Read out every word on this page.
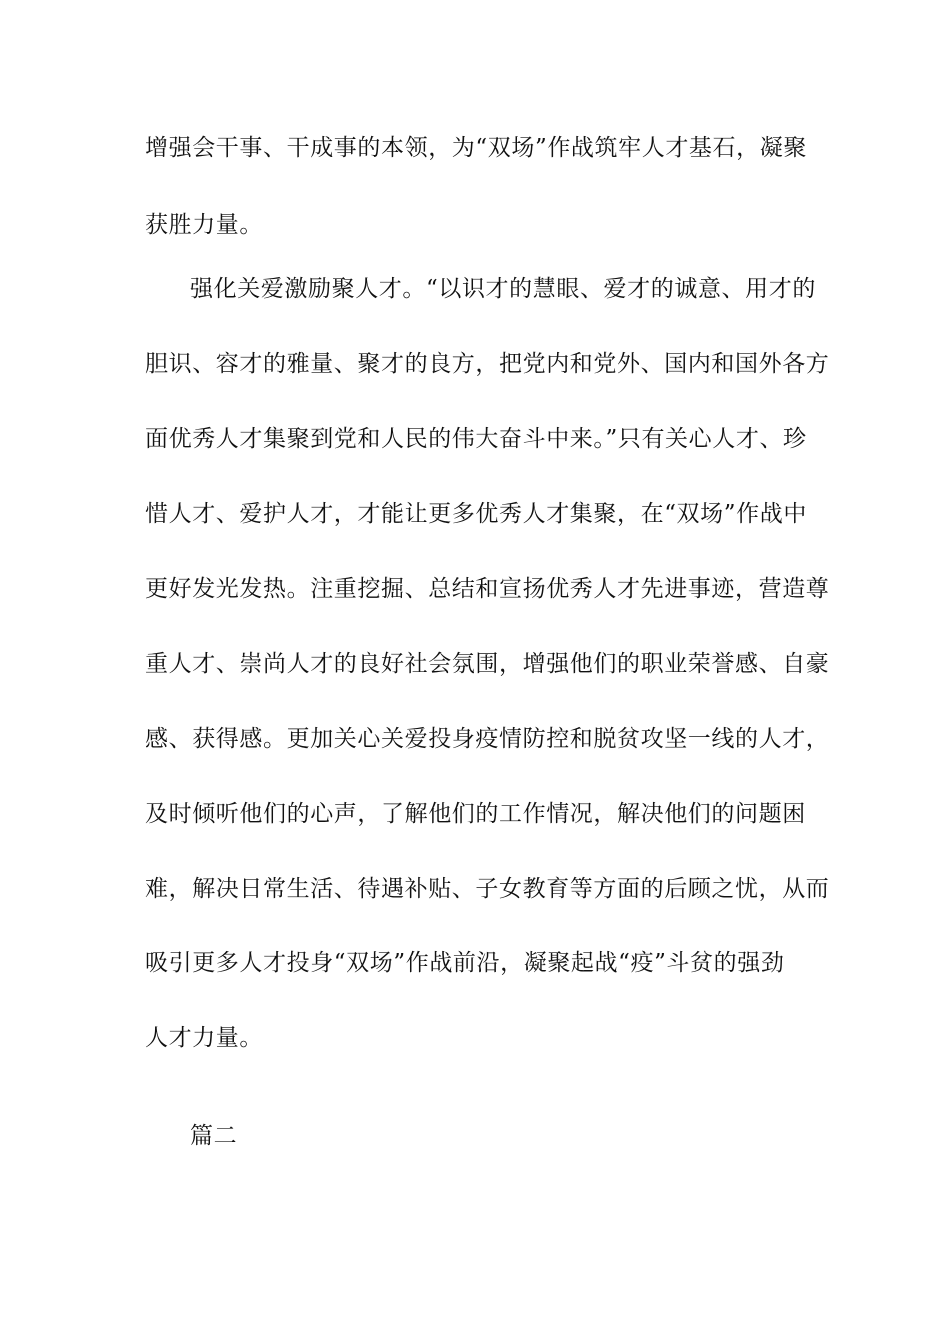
增强会干事、干成事的本领，为“双场”作战筑牢人才基石，凝聚
获胜力量。
强化关爱激励聚人才。“以识才的慧眼、爱才的诚意、用才的
胆识、容才的雅量、聚才的良方，把党内和党外、国内和国外各方
面优秀人才集聚到党和人民的伟大奋斗中来。”只有关心人才、珍
惜人才、爱护人才，才能让更多优秀人才集聚，在“双场”作战中
更好发光发热。注重挖掘、总结和宣扬优秀人才先进事迹，营造尊
重人才、崇尚人才的良好社会氛围，增强他们的职业荣誉感、自豪
感、获得感。更加关心关爱投身疫情防控和脱贫攻坚一线的人才，
及时倾听他们的心声，了解他们的工作情况，解决他们的问题困
难，解决日常生活、待遇补贴、子女教育等方面的后顾之忧，从而
吸引更多人才投身“双场”作战前沿，凝聚起战“疫”斗贫的强劲
人才力量。
篇二
